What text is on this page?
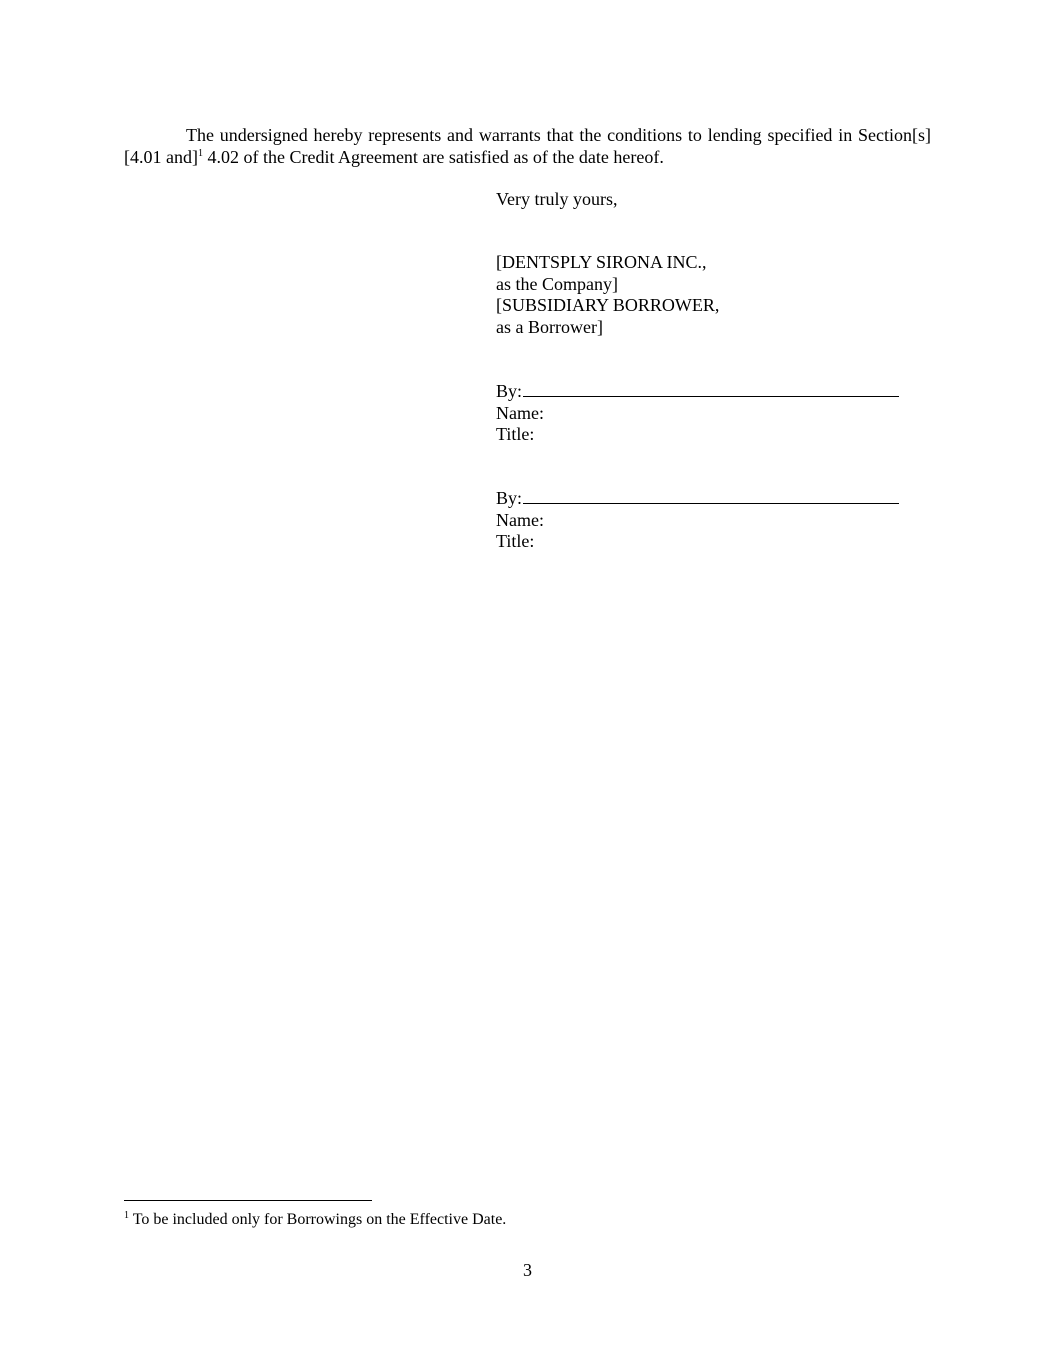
The undersigned hereby represents and warrants that the conditions to lending specified in Section[s] [4.01 and]$^1$ 4.02 of the Credit Agreement are satisfied as of the date hereof.

Very truly yours,
[DENTSPLY SIRONA INC.,
as the Company]
[SUBSIDIARY BORROWER,
as a Borrower]
By:
Name:
Title:
By:
Name:
Title:
$^1$ To be included only for Borrowings on the Effective Date.
3
